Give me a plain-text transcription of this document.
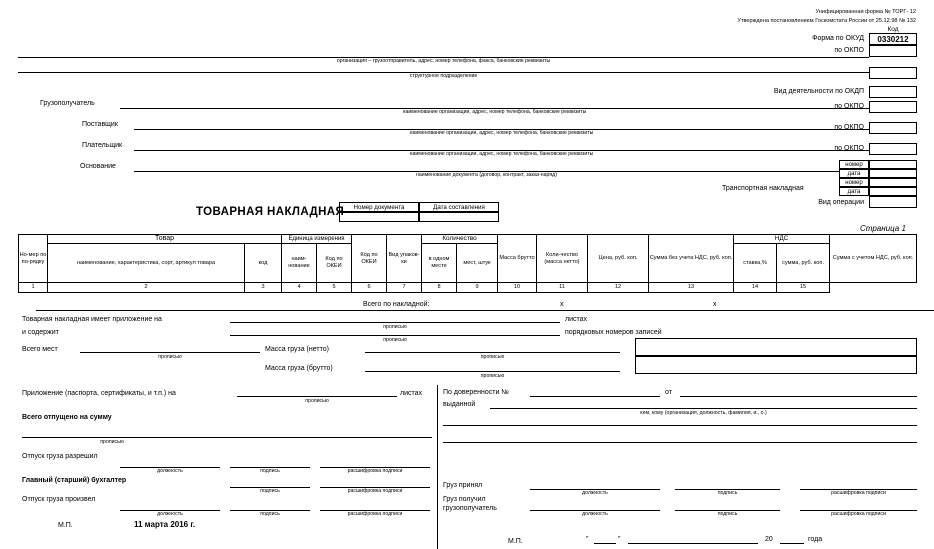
Унифицированная форма № ТОРГ- 12
Утверждена постановлением Госкомстата России от 25.12.98 № 132
Код
0330212
Форма по ОКУД
по ОКПО
организация – грузоотправитель, адрес, номер телефона, факса, банковские реквизиты
структурное подразделение
Вид деятельности по ОКДП
Грузополучатель
наименование организации, адрес, номер телефона, банковские реквизиты
по ОКПО
Поставщик
наименование организации, адрес, номер телефона, банковские реквизиты
по ОКПО
Плательщик
наименование организации, адрес, номер телефона, банковские реквизиты
по ОКПО
Основание
наименование документа (договор, контракт, заказ-наряд)
номер
дата
Транспортная накладная
номер
дата
Вид операции
ТОВАРНАЯ НАКЛАДНАЯ	Номер документа	Дата составления
Страница 1
Но-мер по по-рядку	Товар		Единица измерения		Код по ОКЕИ	Вид упаков-ки	Количество		Масса брутто	Коли-чество (масса нетто)	Цена, руб. коп.	Сумма без учета НДС, руб. коп.	НДС		Сумма с учетом НДС, руб. коп.
	наименование, характеристика, сорт, артикул товара	код	наим-нование	Код по ОКЕИ			в одном месте	мест, штук					ставка,%	сумма, руб. коп.	

1	2	3	4	5	6	7	8	9	10	11	12	13	14	15	
Всего по накладной:	х	х
Товарная накладная имеет приложение на	листах
прописью
и содержит	порядковых номеров записей
прописью
Всего мест
прописью
Масса груза (нетто)
прописью
Масса груза (брутто)
прописью
Приложение (паспорта, сертификаты, и т.п.) на
прописью
листах
Всего отпущено на сумму
прописью
Отпуск груза разрешил
должность	подпись	расшифровка подписи
Главный (старший) бухгалтер
подпись	расшифровка подписи
Отпуск груза произвел
должность	подпись	расшифровка подписи
М.П.	11 марта 2016 г.
По доверенности №	от
выданной
кем, кому (организация, должность, фамилия, и., о.)
Груз принял
должность	подпись	расшифровка подписи
Груз получил
грузополучатель
должность	подпись	расшифровка подписи
М.П.	"	"	20	года
